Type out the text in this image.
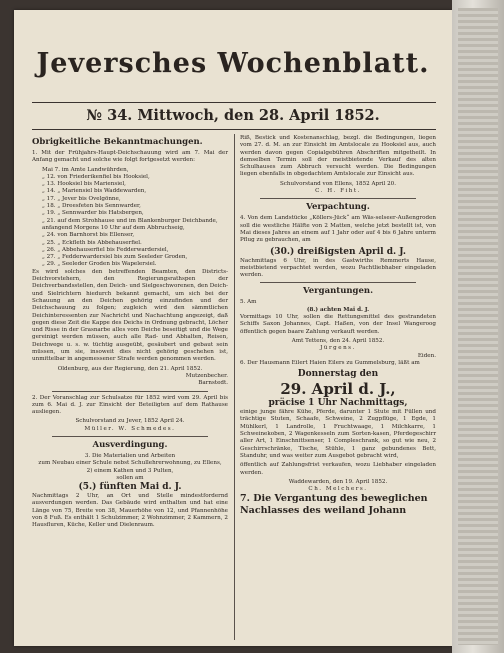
Jeversches Wochenblatt.
№ 34. Mittwoch, den 28. April 1852.
Obrigkeitliche Bekanntmachungen.

1. Mit der Frühjahrs-Haupt-Deichschauung wird am 7. Mai der Anfang gemacht und solche wie folgt fortgesetzt werden:

Mai 7. im Amte Landwührden,
„ 12. von Friederikenfiel bis Hooksiel,
„ 13. Hooksiel bis Mariensiel,
„ 14. „ Mariensiel bis Waddewarden,
„ 17. „ Jever bis Ovelgönne,
„ 18. „ Dreesfeten bis Sennwarder,
„ 19. „ Sennwarder bis Hatsbergen,
„ 21. auf dem Strohhause und im Blankenburger Deichbande, anfangend Morgens 10 Uhr auf dem Abbruchseig,
„ 24. von Barnhorst bis Ellenser,
„ 25. „ Eckfleth bis Abbehauserfiel.
„ 26. „ Abbehauserfiel bis Fedderwardersiel,
„ 27. „ Fedderwardersiel bis zum Seeleder Groden,
„ 29. „ Seeleder Groden bis Wapelersiel.

Es wird solches den betreffenden Beamten, den Districts-Deichvorstehern, den Regierungsrathspen der Deichverbandsstellen, den Deich- und Sielgeschworenen, den Deich- und Sielrichtern hiedurch bekannt gemacht, um sich bei der Schauung an den Deichen gehörig einzufinden und der Deichschauung zu folgen; zugleich wird den sämmtlichen Deichinteressenten zur Nachricht und Nachachtung angezeigt, daß gegen diese Zeit die Kappe des Deichs in Ordnung gebracht, Löcher und Risse in der Grasnarbe alles vom Deiche beseitigt und die Wege gereinigt werden müssen, auch alle Rad- und Abhalten, Reisen, Deichwege u. s. w. tüchtig ausgeübt, gesäubert und gebaut sein müssen, um sie, insoweit dies nicht gehörig geschehen ist, unmittelbar in angemessener Strafe werden genommen werden.

Oldenburg, aus der Regierung, den 21. April 1852.
Mutzenbecher.
Barnstedt.

2. Der Voranschlag zur Schulsatze für 1852 wird vom 29. April bis zum 6. Mai d. J. zur Einsicht der Beteiligten auf dem Rathause ausliegen.

Schulvorstand zu Jever, 1852 April 24.
Müller. W. Schmedes.
Ausverdingung.
3. Die Materialien und Arbeiten
zum Neubau einer Schule nebst Schullehrerwohnung, zu Ellens,
2) einem Kathen und 3 Pulten,
sollen am
(5.) fünften Mai d. J.

Nachmittags 2 Uhr, an Ort und Stelle mindestfordernd ausverdungen werden. Das Gebäude wird enthalten und hat eine Länge von 75, Breite von 38, Mauerhöhe von 12, und Pfannenhöhe von 8 Fuß. Es enthält 1 Schulzimmer, 2 Wohnzimmer, 2 Kammern, 2 Hausfluren, Küche, Keller und Dielenraum.

Riß, Bestick und Kostenanschlag, bezgl. die Bedingungen, liegen vom 27. d. M. an zur Einsicht im Amtslocale zu Hooksiel aus, auch werden davon gegen Copialgebühren Abschriften mitgetheilt. In demselben Termin soll der meistbietende Verkauf des alten Schulhauses zum Abbruch versucht werden. Die Bedingungen liegen ebenfalls in obgedachtem Amtslocale zur Einsicht aus.

Schulvorstand von Ellens, 1852 April 20.
C. H. Fiht.
Verpachtung.

4. Von dem Landstücke „Köllers-Jück“ am Wäs-selseer-Außengroden soll die westliche Hälfte von 2 Matten, welche jetzt bestellt ist, von Mai dieses Jahres an einem auf 1 Jahr oder auf 4 bis 6 Jahre unterm Pflug zu gebrauchen, am

(30.) dreißigsten April d. J.

Nachmittags 6 Uhr, in des Gastwirths Remmerts Hause, meistbietend verpachtet werden, wozu Pachtliebhaber eingeladen werden.

Vergantungen.
5. Am
(8.) achten Mai d. J.

Vormittags 10 Uhr, sollen die Rettungsmittel des gestrandeten Schiffs Saxon Johannes, Capt. Haßen, von der Insel Wangeroog öffentlich gegen baare Zahlung verkauft werden.

Amt Tettens, den 24. April 1852.
Jürgens.
Eiden.

6. Der Hausmann Eilert Haien Eilers zu Gummelsburg, läßt am

Donnerstag den
29. April d. J.,
präcise 1 Uhr Nachmittags,

einige junge fähre Kühe, Pferde, darunter 1 Stute mit Füllen und trächtige Stuten, Schaafe, Schweine, 2 Zugpflüge, 1 Egde, 1 Mühlkerl, 1 Landrolle, 1 Fruchtwaage, 1 Milchkarre, 1 Schweinekoben, 2 Wagenkesseln zum Sorten-kasen, Pferdegeschirr aller Art, 1 Einschnittsenser, 1 Compleschrank, so gut wie neu, 2 Geschirrschränke, Tische, Stühle, 1 ganz gebundenes Bett, Standuhr, und was weiter zum Ausgebot gebracht wird,

öffentlich auf Zahlungsfrist verkaufen, wozu Liebhaber eingeladen werden.

Waddewarden, den 19. April 1852.
Ch. Melchers.
7. Die Vergantung des beweglichen Nachlasses des weiland Johann
